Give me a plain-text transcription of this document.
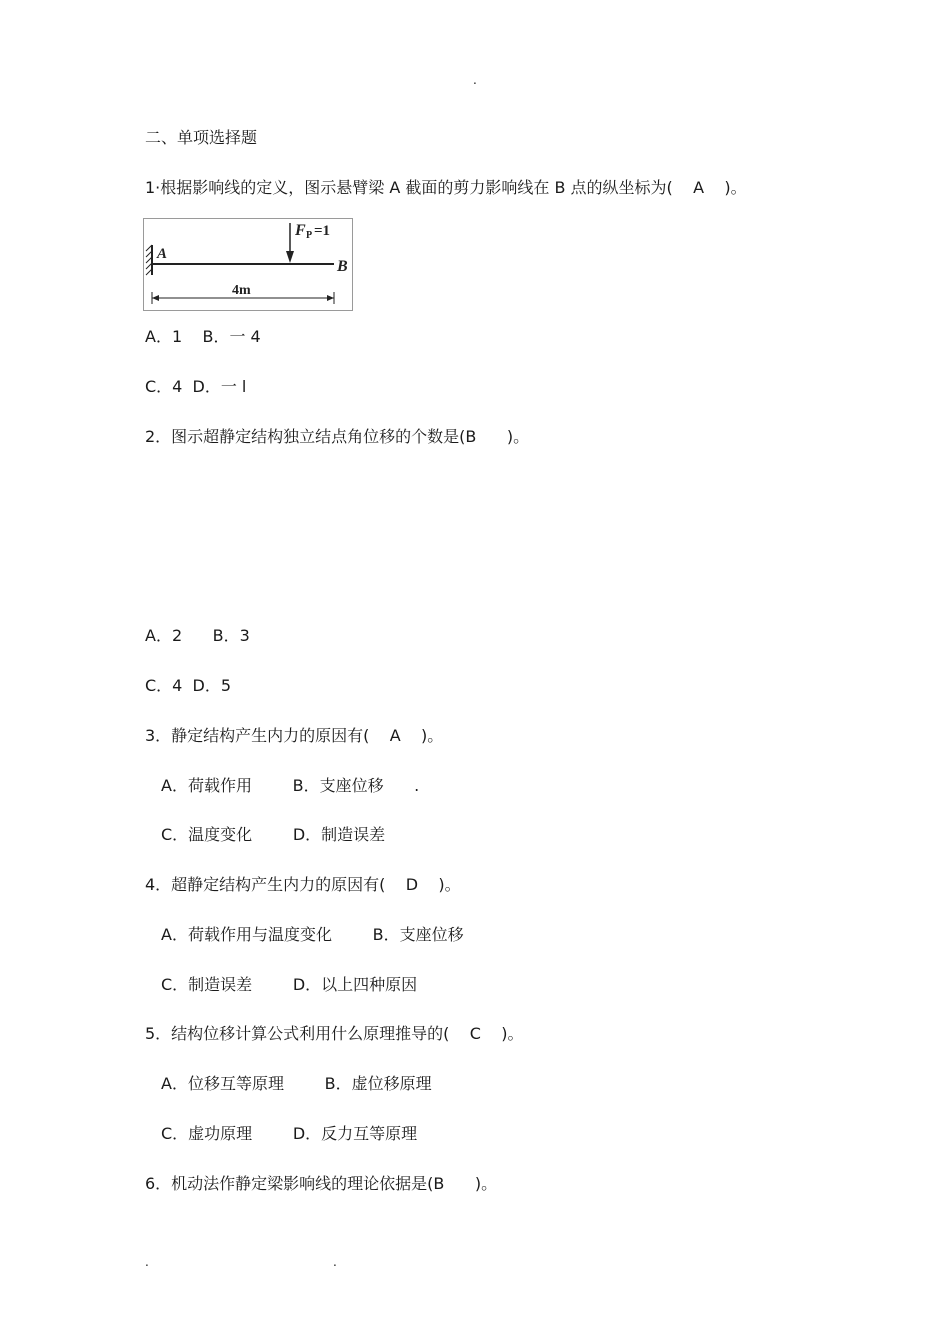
.

二、单项选择题

1·根据影响线的定义，图示悬臂梁 A 截面的剪力影响线在 B 点的纵坐标为(    A    )。

A
B
F P =1
4m

A．1    B．一 4

C．4  D．一 l

2．图示超静定结构独立结点角位移的个数是(B      )。

A．2      B．3

C．4  D．5

3．静定结构产生内力的原因有(    A    )。

A．荷载作用        B．支座位移      .

C．温度变化        D．制造误差

4．超静定结构产生内力的原因有(    D    )。

A．荷载作用与温度变化        B．支座位移

C．制造误差        D．以上四种原因

5．结构位移计算公式利用什么原理推导的(    C    )。

A．位移互等原理        B．虚位移原理

C．虚功原理        D．反力互等原理

6．机动法作静定梁影响线的理论依据是(B      )。

.	.
